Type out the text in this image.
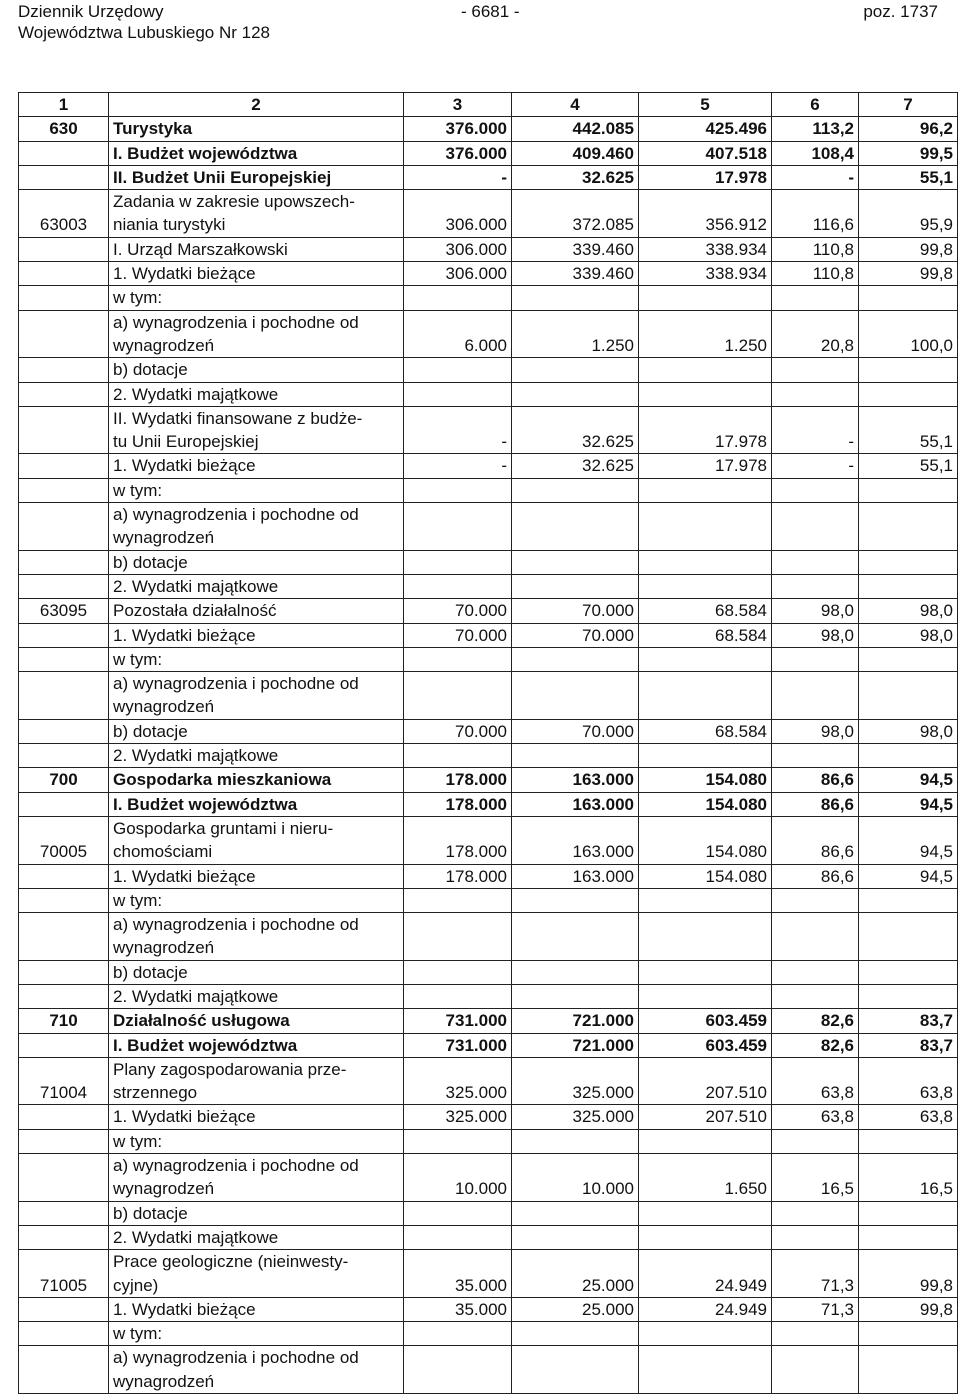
Dziennik Urzędowy
Województwa Lubuskiego Nr 128
- 6681 -	poz. 1737
1	2	3	4	5	6	7
630	Turystyka	376.000	442.085	425.496	113,2	96,2
	I. Budżet województwa	376.000	409.460	407.518	108,4	99,5
	II. Budżet Unii Europejskiej	-	32.625	17.978	-	55,1
63003	Zadania w zakresie upowszech-
niania turystyki	306.000	372.085	356.912	116,6	95,9
	I. Urząd Marszałkowski	306.000	339.460	338.934	110,8	99,8
	1. Wydatki bieżące	306.000	339.460	338.934	110,8	99,8
	w tym:					
	a) wynagrodzenia i pochodne od
wynagrodzeń	6.000	1.250	1.250	20,8	100,0
	b) dotacje					
	2. Wydatki majątkowe					
	II. Wydatki finansowane z budże-
tu Unii Europejskiej	-	32.625	17.978	-	55,1
	1. Wydatki bieżące	-	32.625	17.978	-	55,1
	w tym:					
	a) wynagrodzenia i pochodne od
wynagrodzeń					
	b) dotacje					
	2. Wydatki majątkowe					
63095	Pozostała działalność	70.000	70.000	68.584	98,0	98,0
	1. Wydatki bieżące	70.000	70.000	68.584	98,0	98,0
	w tym:					
	a) wynagrodzenia i pochodne od
wynagrodzeń					
	b) dotacje	70.000	70.000	68.584	98,0	98,0
	2. Wydatki majątkowe					
700	Gospodarka mieszkaniowa	178.000	163.000	154.080	86,6	94,5
	I. Budżet województwa	178.000	163.000	154.080	86,6	94,5
70005	Gospodarka gruntami i nieru-
chomościami	178.000	163.000	154.080	86,6	94,5
	1. Wydatki bieżące	178.000	163.000	154.080	86,6	94,5
	w tym:					
	a) wynagrodzenia i pochodne od
wynagrodzeń					
	b) dotacje					
	2. Wydatki majątkowe					
710	Działalność usługowa	731.000	721.000	603.459	82,6	83,7
	I. Budżet województwa	731.000	721.000	603.459	82,6	83,7
71004	Plany zagospodarowania prze-
strzennego	325.000	325.000	207.510	63,8	63,8
	1. Wydatki bieżące	325.000	325.000	207.510	63,8	63,8
	w tym:					
	a) wynagrodzenia i pochodne od
wynagrodzeń	10.000	10.000	1.650	16,5	16,5
	b) dotacje					
	2. Wydatki majątkowe					
71005	Prace geologiczne (nieinwesty-
cyjne)	35.000	25.000	24.949	71,3	99,8
	1. Wydatki bieżące	35.000	25.000	24.949	71,3	99,8
	w tym:					
	a) wynagrodzenia i pochodne od
wynagrodzeń					
